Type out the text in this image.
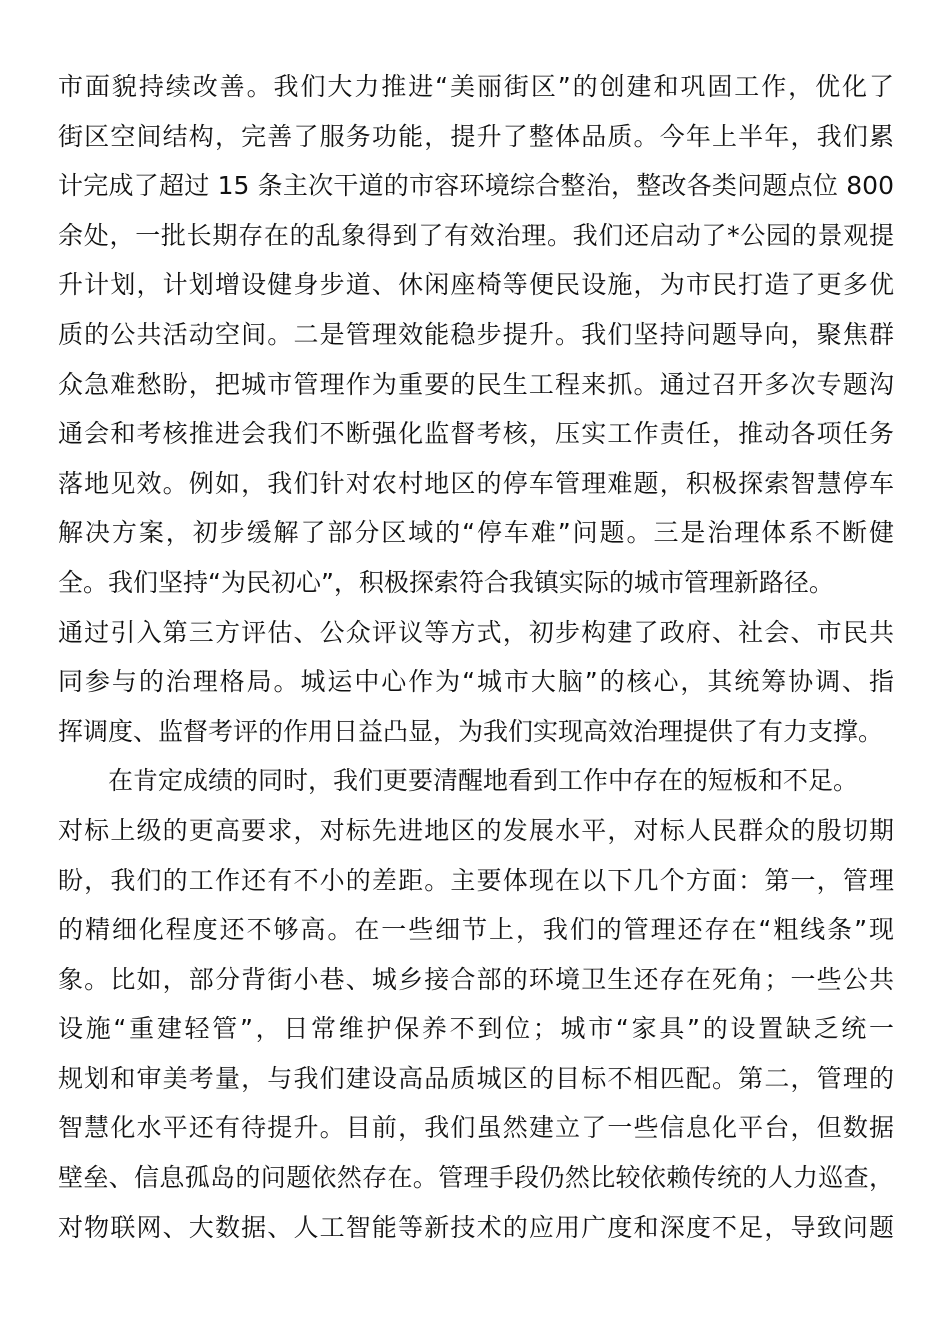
市面貌持续改善。我们大力推进“美丽街区”的创建和巩固工作，优化了
街区空间结构，完善了服务功能，提升了整体品质。今年上半年，我们累
计完成了超过 15 条主次干道的市容环境综合整治，整改各类问题点位 800
余处，一批长期存在的乱象得到了有效治理。我们还启动了*公园的景观提
升计划，计划增设健身步道、休闲座椅等便民设施，为市民打造了更多优
质的公共活动空间。二是管理效能稳步提升。我们坚持问题导向，聚焦群
众急难愁盼，把城市管理作为重要的民生工程来抓。通过召开多次专题沟
通会和考核推进会我们不断强化监督考核，压实工作责任，推动各项任务
落地见效。例如，我们针对农村地区的停车管理难题，积极探索智慧停车
解决方案，初步缓解了部分区域的“停车难”问题。三是治理体系不断健
全。我们坚持“为民初心”，积极探索符合我镇实际的城市管理新路径。
通过引入第三方评估、公众评议等方式，初步构建了政府、社会、市民共
同参与的治理格局。城运中心作为“城市大脑”的核心，其统筹协调、指
挥调度、监督考评的作用日益凸显，为我们实现高效治理提供了有力支撑。
在肯定成绩的同时，我们更要清醒地看到工作中存在的短板和不足。
对标上级的更高要求，对标先进地区的发展水平，对标人民群众的殷切期
盼，我们的工作还有不小的差距。主要体现在以下几个方面：第一，管理
的精细化程度还不够高。在一些细节上，我们的管理还存在“粗线条”现
象。比如，部分背街小巷、城乡接合部的环境卫生还存在死角；一些公共
设施“重建轻管”，日常维护保养不到位；城市“家具”的设置缺乏统一
规划和审美考量，与我们建设高品质城区的目标不相匹配。第二，管理的
智慧化水平还有待提升。目前，我们虽然建立了一些信息化平台，但数据
壁垒、信息孤岛的问题依然存在。管理手段仍然比较依赖传统的人力巡查，
对物联网、大数据、人工智能等新技术的应用广度和深度不足，导致问题
